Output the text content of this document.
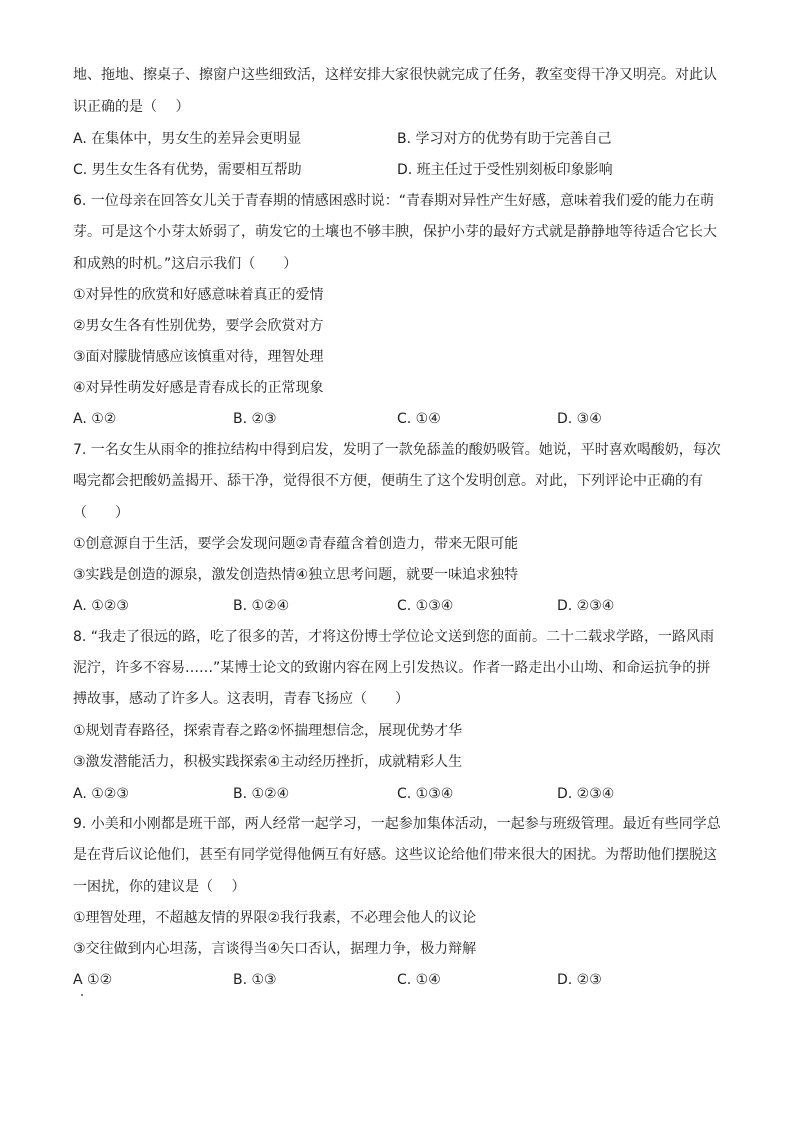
地、拖地、擦桌子、擦窗户这些细致活，这样安排大家很快就完成了任务，教室变得干净又明亮。对此认
识正确的是（　 ）
A. 在集体中，男女生的差异会更明显	B. 学习对方的优势有助于完善自己
C. 男生女生各有优势，需要相互帮助	D. 班主任过于受性别刻板印象影响
6. 一位母亲在回答女儿关于青春期的情感困惑时说：“青春期对异性产生好感，意味着我们爱的能力在萌
芽。可是这个小芽太娇弱了，萌发它的土壤也不够丰腴，保护小芽的最好方式就是静静地等待适合它长大
和成熟的时机。”这启示我们（　　）
①对异性的欣赏和好感意味着真正的爱情
②男女生各有性别优势，要学会欣赏对方
③面对朦胧情感应该慎重对待，理智处理
④对异性萌发好感是青春成长的正常现象
A. ①②	B. ②③	C. ①④	D. ③④
7. 一名女生从雨伞的推拉结构中得到启发，发明了一款免舔盖的酸奶吸管。她说，平时喜欢喝酸奶，每次
喝完都会把酸奶盖揭开、舔干净，觉得很不方便，便萌生了这个发明创意。对此，下列评论中正确的有
（　　）
①创意源自于生活，要学会发现问题②青春蕴含着创造力，带来无限可能
③实践是创造的源泉，激发创造热情④独立思考问题，就要一味追求独特
A. ①②③	B. ①②④	C. ①③④	D. ②③④
8. “我走了很远的路，吃了很多的苦，才将这份博士学位论文送到您的面前。二十二载求学路，一路风雨
泥泞，许多不容易……”某博士论文的致谢内容在网上引发热议。作者一路走出小山坳、和命运抗争的拼
搏故事，感动了许多人。这表明，青春飞扬应（　　）
①规划青春路径，探索青春之路②怀揣理想信念，展现优势才华
③激发潜能活力，积极实践探索④主动经历挫折，成就精彩人生
A. ①②③	B. ①②④	C. ①③④	D. ②③④
9. 小美和小刚都是班干部，两人经常一起学习，一起参加集体活动，一起参与班级管理。最近有些同学总
是在背后议论他们，甚至有同学觉得他俩互有好感。这些议论给他们带来很大的困扰。为帮助他们摆脱这
一困扰，你的建议是（　 ）
①理智处理，不超越友情的界限②我行我素，不必理会他人的议论
③交往做到内心坦荡，言谈得当④矢口否认，据理力争，极力辩解
A ①②	B. ①③	C. ①④	D. ②③
